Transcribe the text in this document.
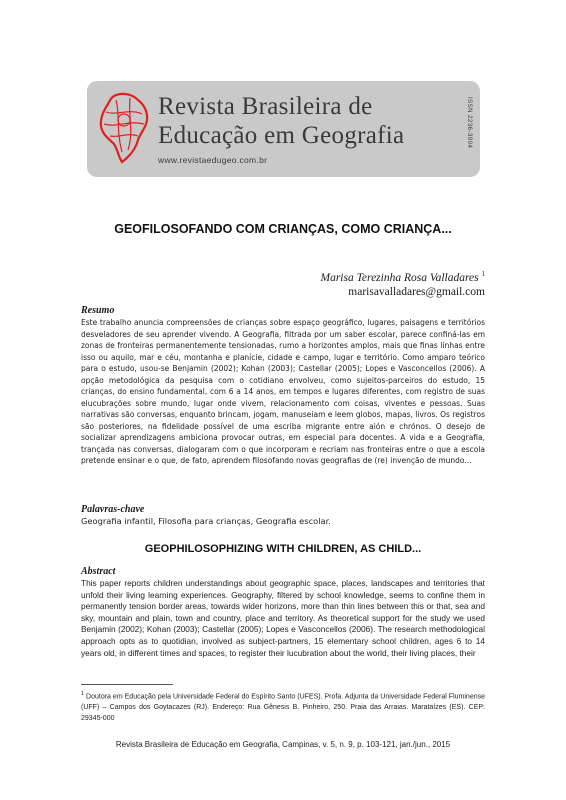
Revista Brasileira de
Educação em Geografia
www.revistaedugeo.com.br
ISSN 2236-3904
GEOFILOSOFANDO COM CRIANÇAS, COMO CRIANÇA...
Marisa Terezinha Rosa Valladares $^1$
marisavalladares@gmail.com
Resumo
Este trabalho anuncia compreensões de crianças sobre espaço geográfico, lugares, paisagens e territórios desveladores de seu aprender vivendo. A Geografia, filtrada por um saber escolar, parece confiná-las em zonas de fronteiras permanentemente tensionadas, rumo a horizontes amplos, mais que finas linhas entre isso ou aquilo, mar e céu, montanha e planície, cidade e campo, lugar e território. Como amparo teórico para o estudo, usou-se Benjamin (2002); Kohan (2003); Castellar (2005); Lopes e Vasconcellos (2006). A opção metodológica da pesquisa com o cotidiano envolveu, como sujeitos-parceiros do estudo, 15 crianças, do ensino fundamental, com 6 a 14 anos, em tempos e lugares diferentes, com registro de suas elucubrações sobre mundo, lugar onde vivem, relacionamento com coisas, viventes e pessoas. Suas narrativas são conversas, enquanto brincam, jogam, manuseiam e leem globos, mapas, livros. Os registros são posteriores, na fidelidade possível de uma escriba migrante entre aión e chrónos. O desejo de socializar aprendizagens ambiciona provocar outras, em especial para docentes. A vida e a Geografia, trançada nas conversas, dialogaram com o que incorporam e recriam nas fronteiras entre o que a escola pretende ensinar e o que, de fato, aprendem filosofando novas geografias de (re) invenção de mundo...
Palavras-chave
Geografia infantil, Filosofia para crianças, Geografia escolar.
GEOPHILOSOPHIZING WITH CHILDREN, AS CHILD...
Abstract
This paper reports children understandings about geographic space, places, landscapes and territories that unfold their living learning experiences. Geography, filtered by school knowledge, seems to confine them in permanently tension border areas, towards wider horizons, more than thin lines between this or that, sea and sky, mountain and plain, town and country, place and territory. As theoretical support for the study we used Benjamin (2002); Kohan (2003); Castellar (2005); Lopes e Vasconcellos (2006). The research methodological approach opts as to quotidian, involved as subject-partners, 15 elementary school children, ages 6 to 14 years old, in different times and spaces, to register their lucubration about the world, their living places, their
$^1$ Doutora em Educação pela Universidade Federal do Espírito Santo (UFES). Profa. Adjunta da Universidade Federal Fluminense (UFF) – Campos dos Goytacazes (RJ). Endereço: Rua Gênesis B. Pinheiro, 250. Praia das Arraias. Marataízes (ES). CEP: 29345-000
Revista Brasileira de Educação em Geografia, Campinas, v. 5, n. 9, p. 103-121, jan./jun., 2015
